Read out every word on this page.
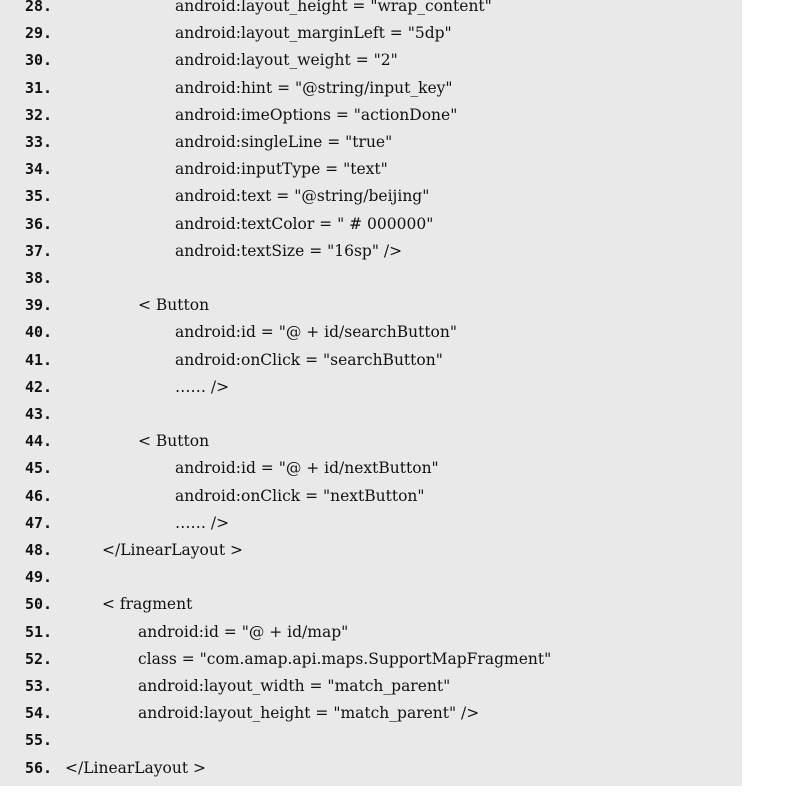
28.	android:layout_height = "wrap_content"
29.	android:layout_marginLeft = "5dp"
30.	android:layout_weight = "2"
31.	android:hint = "@string/input_key"
32.	android:imeOptions = "actionDone"
33.	android:singleLine = "true"
34.	android:inputType = "text"
35.	android:text = "@string/beijing"
36.	android:textColor = " # 000000"
37.	android:textSize = "16sp" />
38.
39.	< Button
40.	android:id = "@ + id/searchButton"
41.	android:onClick = "searchButton"
42.	…… />
43.
44.	< Button
45.	android:id = "@ + id/nextButton"
46.	android:onClick = "nextButton"
47.	…… />
48.	</LinearLayout >
49.
50.	< fragment
51.	android:id = "@ + id/map"
52.	class = "com.amap.api.maps.SupportMapFragment"
53.	android:layout_width = "match_parent"
54.	android:layout_height = "match_parent" />
55.
56. </LinearLayout >
